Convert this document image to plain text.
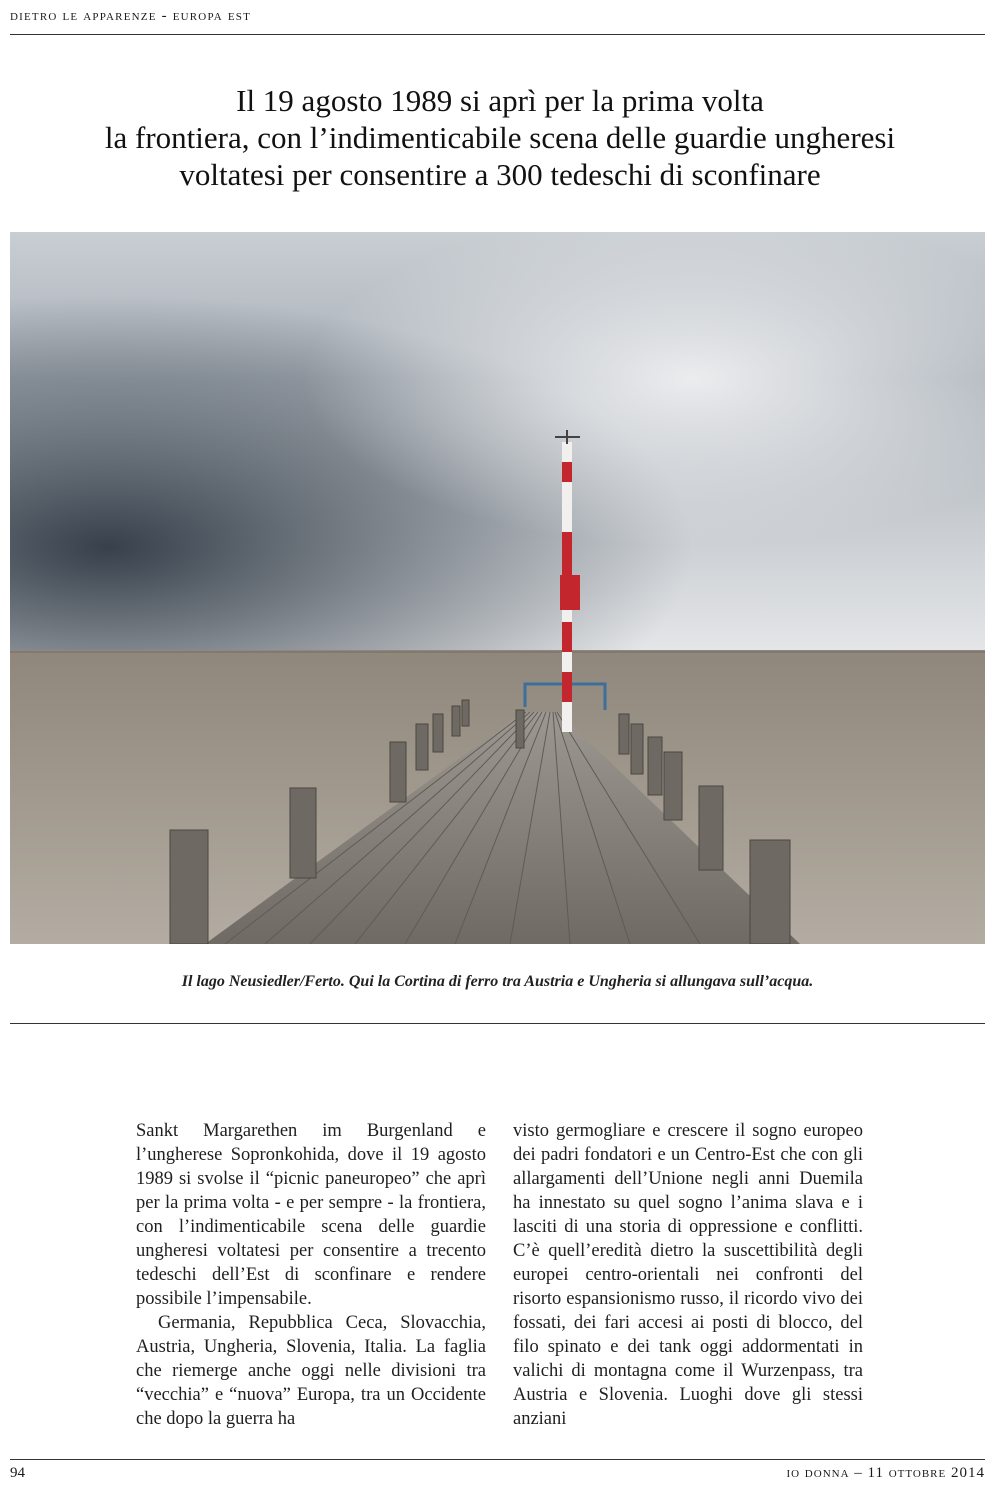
dietro le apparenze - europa est
Il 19 agosto 1989 si aprì per la prima volta
la frontiera, con l’indimenticabile scena delle guardie ungheresi
voltatesi per consentire a 300 tedeschi di sconfinare
Il lago Neusiedler/Ferto. Qui la Cortina di ferro tra Austria e Ungheria si allungava sull’acqua.

Sankt Margarethen im Burgenland e l’ungherese Sopronkohida, dove il 19 agosto 1989 si svolse il “picnic paneuropeo” che aprì per la prima volta - e per sempre - la frontiera, con l’indimenticabile scena delle guardie ungheresi voltatesi per consentire a trecento tedeschi dell’Est di sconfinare e rendere possibile l’impensabile.

Germania, Repubblica Ceca, Slovacchia, Austria, Ungheria, Slovenia, Italia. La faglia che riemerge anche oggi nelle divisioni tra “vecchia” e “nuova” Europa, tra un Occidente che dopo la guerra ha

visto germogliare e crescere il sogno europeo dei padri fondatori e un Centro-Est che con gli allargamenti dell’Unione negli anni Duemila ha innestato su quel sogno l’anima slava e i lasciti di una storia di oppressione e conflitti. C’è quell’eredità dietro la suscettibilità degli europei centro-orientali nei confronti del risorto espansionismo russo, il ricordo vivo dei fossati, dei fari accesi ai posti di blocco, del filo spinato e dei tank oggi addormentati in valichi di montagna come il Wurzenpass, tra Austria e Slovenia. Luoghi dove gli stessi anziani

94	io donna – 11 ottobre 2014
